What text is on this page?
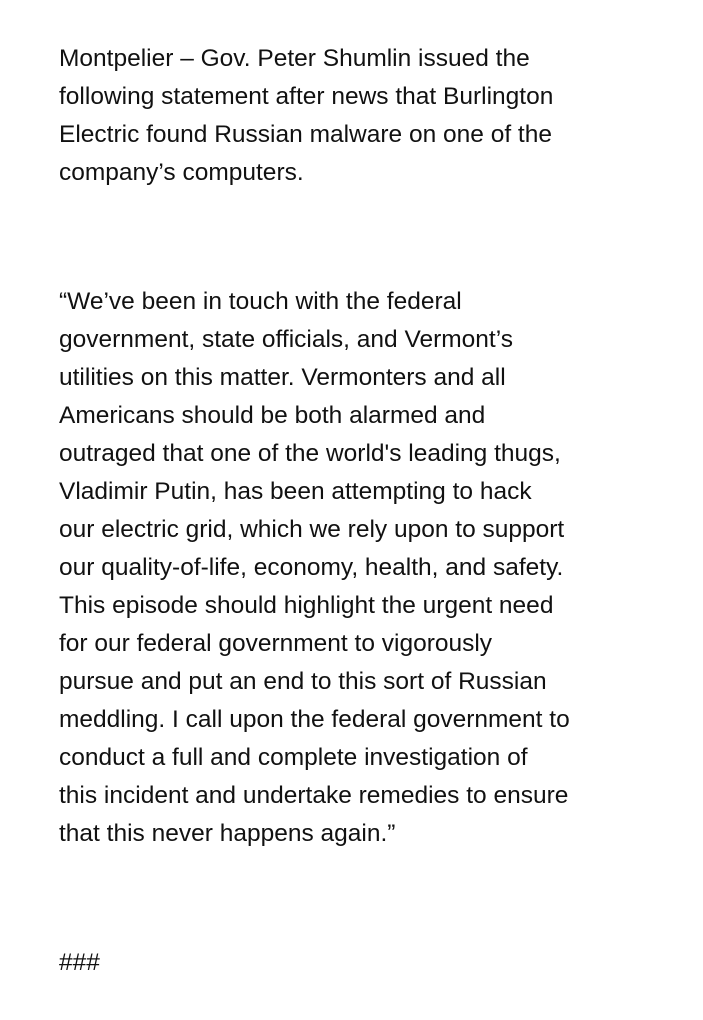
Montpelier – Gov. Peter Shumlin issued the

following statement after news that Burlington

Electric found Russian malware on one of the

company’s computers.

“We’ve been in touch with the federal

government, state officials, and Vermont’s

utilities on this matter. Vermonters and all

Americans should be both alarmed and

outraged that one of the world's leading thugs,

Vladimir Putin, has been attempting to hack

our electric grid, which we rely upon to support

our quality-of-life, economy, health, and safety.

This episode should highlight the urgent need

for our federal government to vigorously

pursue and put an end to this sort of Russian

meddling. I call upon the federal government to

conduct a full and complete investigation of

this incident and undertake remedies to ensure

that this never happens again.”

###
